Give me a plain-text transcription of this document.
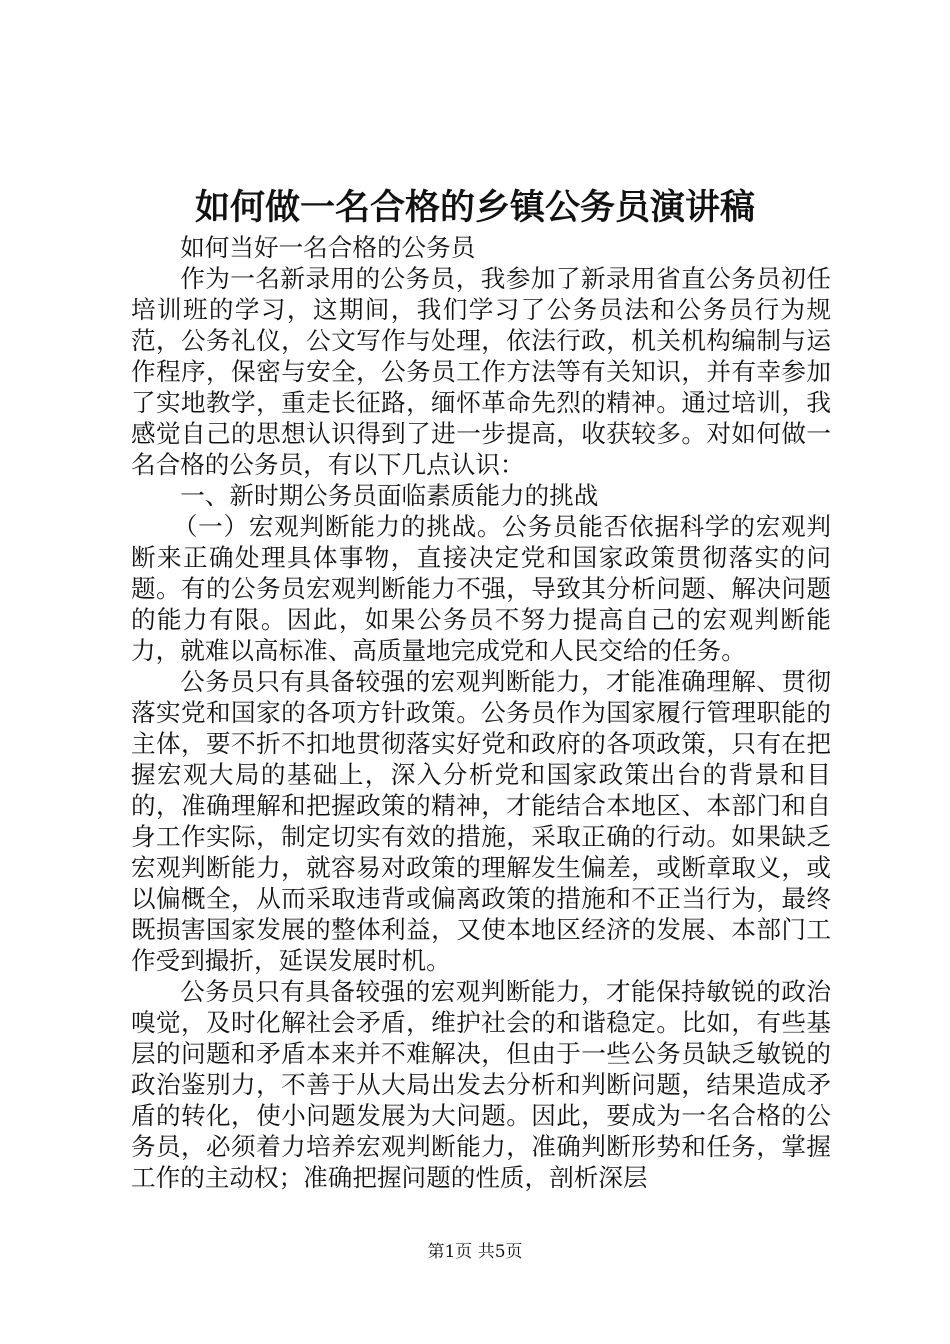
如何做一名合格的乡镇公务员演讲稿

如何当好一名合格的公务员

作为一名新录用的公务员，我参加了新录用省直公务员初任培训班的学习，这期间，我们学习了公务员法和公务员行为规范，公务礼仪，公文写作与处理，依法行政，机关机构编制与运作程序，保密与安全，公务员工作方法等有关知识，并有幸参加了实地教学，重走长征路，缅怀革命先烈的精神。通过培训，我感觉自己的思想认识得到了进一步提高，收获较多。对如何做一名合格的公务员，有以下几点认识：

一、新时期公务员面临素质能力的挑战

（一）宏观判断能力的挑战。公务员能否依据科学的宏观判断来正确处理具体事物，直接决定党和国家政策贯彻落实的问题。有的公务员宏观判断能力不强，导致其分析问题、解决问题的能力有限。因此，如果公务员不努力提高自己的宏观判断能力，就难以高标准、高质量地完成党和人民交给的任务。

公务员只有具备较强的宏观判断能力，才能准确理解、贯彻落实党和国家的各项方针政策。公务员作为国家履行管理职能的主体，要不折不扣地贯彻落实好党和政府的各项政策，只有在把握宏观大局的基础上，深入分析党和国家政策出台的背景和目的，准确理解和把握政策的精神，才能结合本地区、本部门和自身工作实际，制定切实有效的措施，采取正确的行动。如果缺乏宏观判断能力，就容易对政策的理解发生偏差，或断章取义，或以偏概全，从而采取违背或偏离政策的措施和不正当行为，最终既损害国家发展的整体利益，又使本地区经济的发展、本部门工作受到撮折，延误发展时机。

公务员只有具备较强的宏观判断能力，才能保持敏锐的政治嗅觉，及时化解社会矛盾，维护社会的和谐稳定。比如，有些基层的问题和矛盾本来并不难解决，但由于一些公务员缺乏敏锐的政治鉴别力，不善于从大局出发去分析和判断问题，结果造成矛盾的转化，使小问题发展为大问题。因此，要成为一名合格的公务员，必须着力培养宏观判断能力，准确判断形势和任务，掌握工作的主动权；准确把握问题的性质，剖析深层

第1页 共5页
